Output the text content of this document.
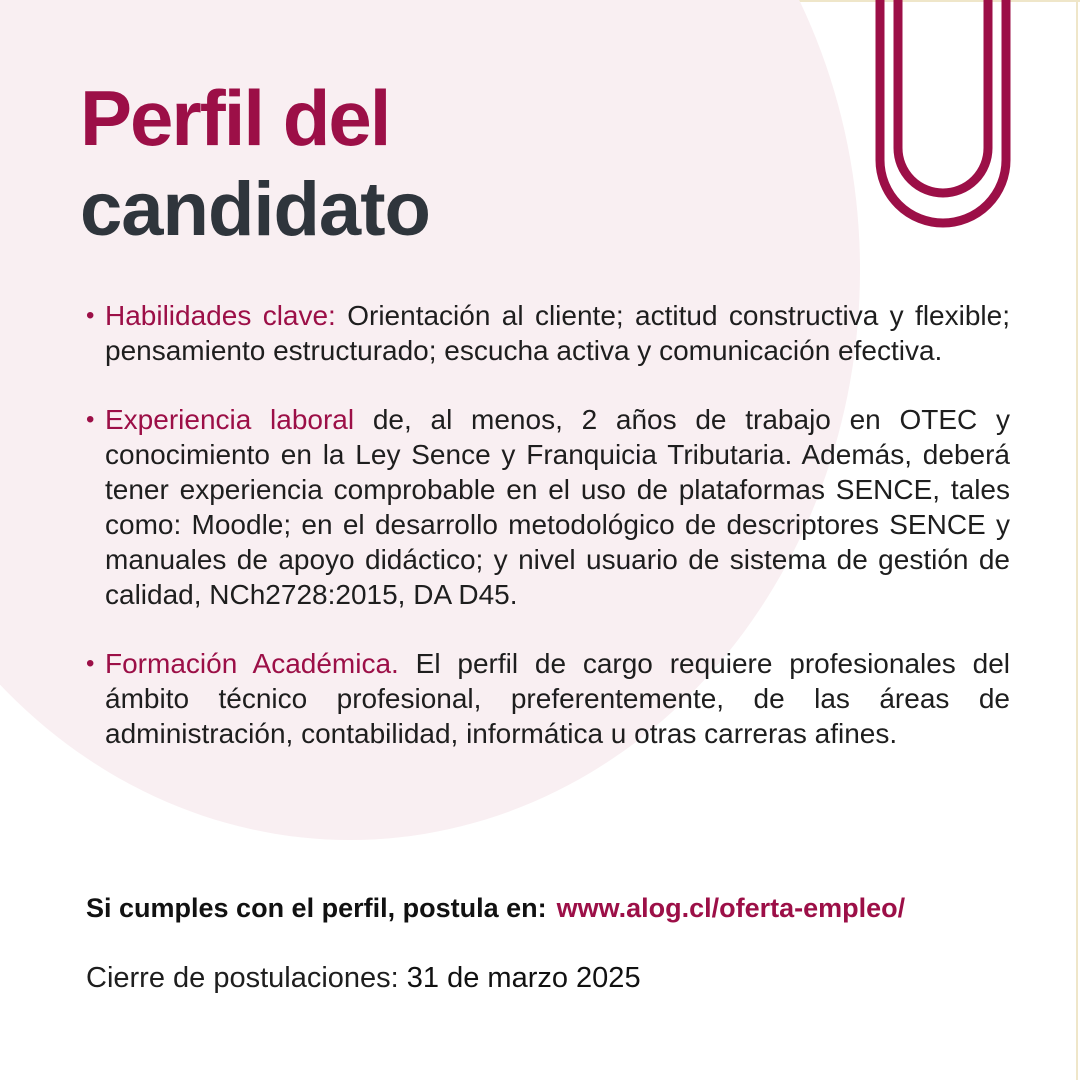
Perfil del
candidato
• Habilidades clave: Orientación al cliente; actitud constructiva y flexible; pensamiento estructurado; escucha activa y comunicación efectiva.
• Experiencia laboral de, al menos, 2 años de trabajo en OTEC y conocimiento en la Ley Sence y Franquicia Tributaria. Además, deberá tener experiencia comprobable en el uso de plataformas SENCE, tales como: Moodle; en el desarrollo metodológico de descriptores SENCE y manuales de apoyo didáctico; y nivel usuario de sistema de gestión de calidad, NCh2728:2015, DA D45.
• Formación Académica. El perfil de cargo requiere profesionales del ámbito técnico profesional, preferentemente, de las áreas de administración, contabilidad, informática u otras carreras afines.
Si cumples con el perfil, postula en: www.alog.cl/oferta-empleo/
Cierre de postulaciones: 31 de marzo 2025
